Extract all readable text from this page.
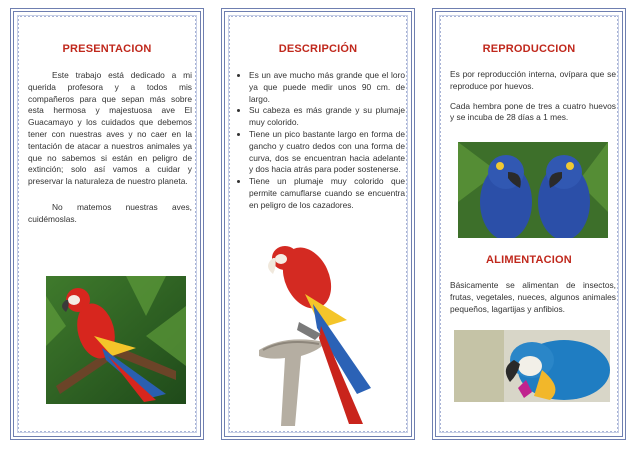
PRESENTACION

Este trabajo está dedicado a mi querida profesora y a todos mis compañeros para que sepan más sobre esta hermosa y majestuosa ave El Guacamayo y los cuidados que debemos tener con nuestras aves y no caer en la tentación de atacar a nuestros animales ya que no sabemos si están en peligro de extinción; solo así vamos a cuidar y preservar la naturaleza de nuestro planeta.

No matemos nuestras aves, cuidémoslas.

DESCRIPCIÓN
• Es un ave mucho más grande que el loro ya que puede medir unos 90 cm. de largo.
• Su cabeza es más grande y su plumaje muy colorido.
• Tiene un pico bastante largo en forma de gancho y cuatro dedos con una forma de curva, dos se encuentran hacia adelante y dos hacia atrás para poder sostenerse.
• Tiene un plumaje muy colorido que permite camuflarse cuando se encuentra en peligro de los cazadores.
REPRODUCCION

Es por reproducción interna, ovípara que se reproduce por huevos.

Cada hembra pone de tres a cuatro huevos y se incuba de 28 días a 1 mes.

ALIMENTACION

Básicamente se alimentan de insectos, frutas, vegetales, nueces, algunos animales pequeños, lagartijas y anfibios.
